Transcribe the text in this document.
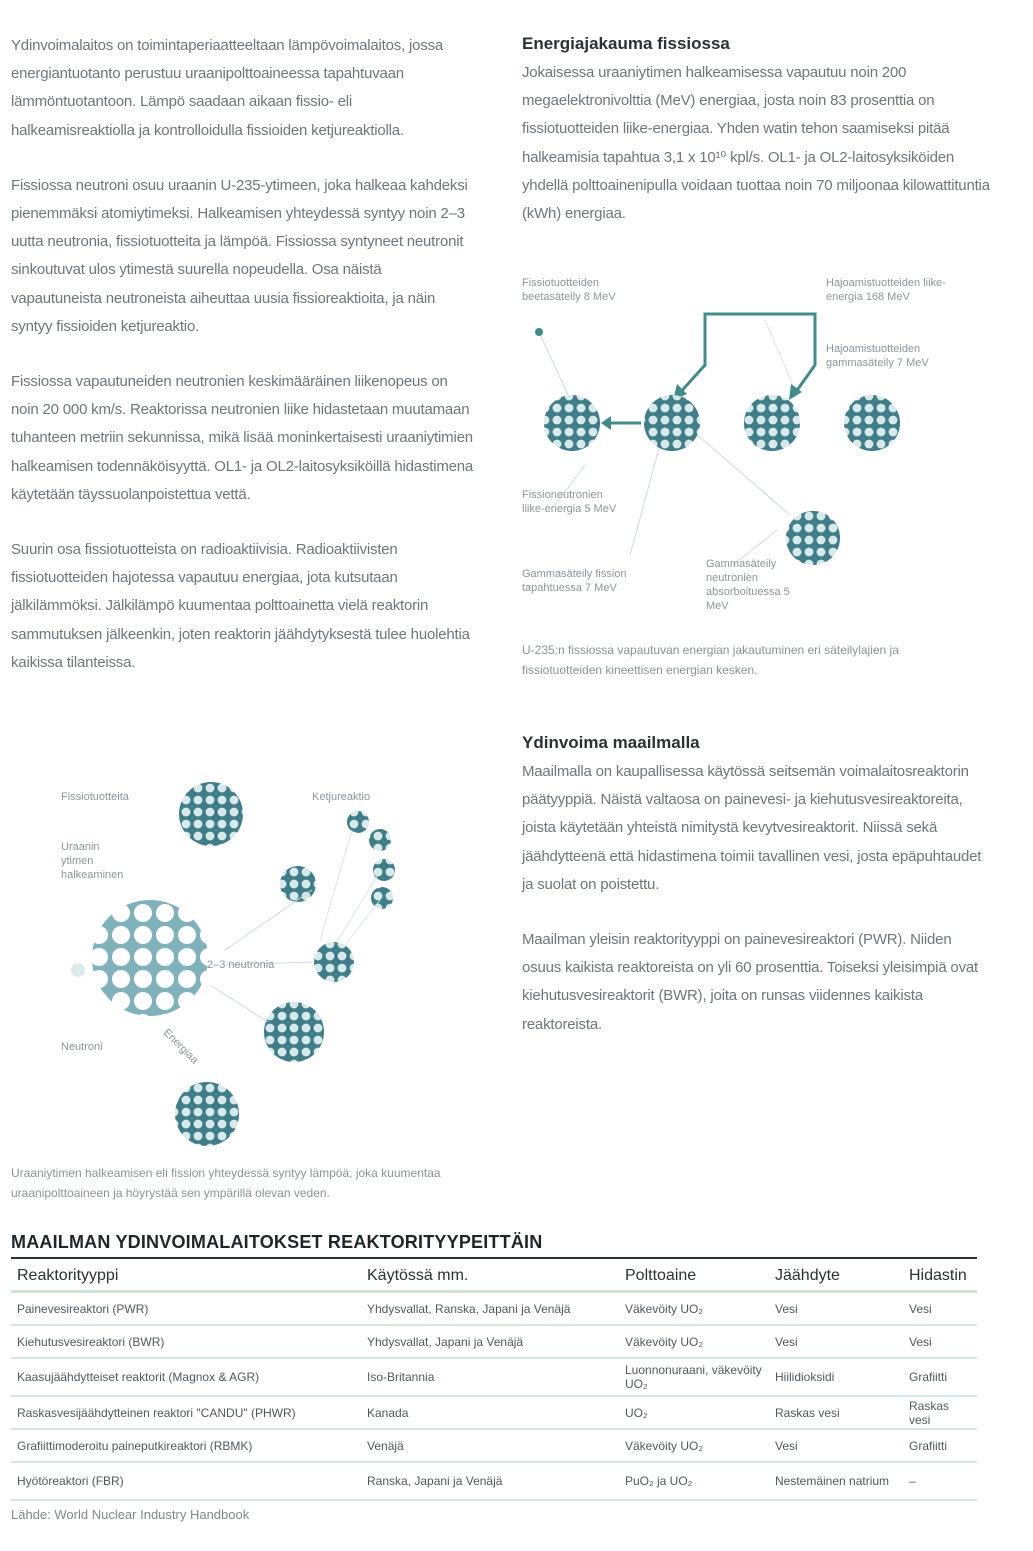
Ydinvoimalaitos on toimintaperiaatteeltaan lämpövoimalaitos, jossa energiantuotanto perustuu uraanipolttoaineessa tapahtuvaan lämmöntuotantoon. Lämpö saadaan aikaan fissio- eli halkeamisreaktiolla ja kontrolloidulla fissioiden ketjureaktiolla.

Fissiossa neutroni osuu uraanin U-235-ytimeen, joka halkeaa kahdeksi pienemmäksi atomiytimeksi. Halkeamisen yhteydessä syntyy noin 2–3 uutta neutronia, fissiotuotteita ja lämpöä. Fissiossa syntyneet neutronit sinkoutuvat ulos ytimestä suurella nopeudella. Osa näistä vapautuneista neutroneista aiheuttaa uusia fissioreaktioita, ja näin syntyy fissioiden ketjureaktio.

Fissiossa vapautuneiden neutronien keskimääräinen liikenopeus on noin 20 000 km/s. Reaktorissa neutronien liike hidastetaan muutamaan tuhanteen metriin sekunnissa, mikä lisää moninkertaisesti uraaniytimien halkeamisen todennäköisyyttä. OL1- ja OL2-laitosyksiköillä hidastimena käytetään täyssuolanpoistettua vettä.

Suurin osa fissiotuotteista on radioaktiivisia. Radioaktiivisten fissiotuotteiden hajotessa vapautuu energiaa, jota kutsutaan jälkilämmöksi. Jälkilämpö kuumentaa polttoainetta vielä reaktorin sammutuksen jälkeenkin, joten reaktorin jäähdytyksestä tulee huolehtia kaikissa tilanteissa.

Fissiotuotteita	Ketjureaktio
Uraanin ytimen halkeaminen
2–3 neutronia
Energiaa
Neutroni
Uraaniytimen halkeamisen eli fission yhteydessä syntyy lämpöä, joka kuumentaa uraanipolttoaineen ja höyrystää sen ympärillä olevan veden.
Energiajakauma fissiossa

Jokaisessa uraaniytimen halkeamisessa vapautuu noin 200 megaelektronivolttia (MeV) energiaa, josta noin 83 prosenttia on fissiotuotteiden liike-energiaa. Yhden watin tehon saamiseksi pitää halkeamisia tapahtua 3,1 x 10¹⁰ kpl/s. OL1- ja OL2-laitosyksiköiden yhdellä polttoainenipulla voidaan tuottaa noin 70 miljoonaa kilowattituntia (kWh) energiaa.

Fissiotuotteiden beetasäteily 8 MeV
Hajoamistuotteiden liike-energia 168 MeV
Hajoamistuotteiden gammasäteily 7 MeV
Fissioneutronien liike-energia 5 MeV
Gammasäteily fission tapahtuessa 7 MeV
Gammasäteily neutronien absorboituessa 5 MeV
U-235:n fissiossa vapautuvan energian jakautuminen eri säteilylajien ja fissiotuotteiden kineettisen energian kesken.
Ydinvoima maailmalla

Maailmalla on kaupallisessa käytössä seitsemän voimalaitosreaktorin päätyyppiä. Näistä valtaosa on painevesi- ja kiehutusvesireaktoreita, joista käytetään yhteistä nimitystä kevytvesireaktorit. Niissä sekä jäähdytteenä että hidastimena toimii tavallinen vesi, josta epäpuhtaudet ja suolat on poistettu.

Maailman yleisin reaktorityyppi on painevesireaktori (PWR). Niiden osuus kaikista reaktoreista on yli 60 prosenttia. Toiseksi yleisimpiä ovat kiehutusvesireaktorit (BWR), joita on runsas viidennes kaikista reaktoreista.

MAAILMAN YDINVOIMALAITOKSET REAKTORITYYPEITTÄIN
Reaktorityyppi	Käytössä mm.	Polttoaine	Jäähdyte	Hidastin
Painevesireaktori (PWR)	Yhdysvallat, Ranska, Japani ja Venäjä	Väkevöity UO₂	Vesi	Vesi
Kiehutusvesireaktori (BWR)	Yhdysvallat, Japani ja Venäjä	Väkevöity UO₂	Vesi	Vesi
Kaasujäähdytteiset reaktorit (Magnox & AGR)	Iso-Britannia	Luonnonuraani, väkevöity UO₂	Hiilidioksidi	Grafiitti
Raskasvesijäähdytteinen reaktori "CANDU" (PHWR)	Kanada	UO₂	Raskas vesi	Raskas vesi
Grafiittimoderoitu paineputkireaktori (RBMK)	Venäjä	Väkevöity UO₂	Vesi	Grafiitti
Hyötöreaktori (FBR)	Ranska, Japani ja Venäjä	PuO₂ ja UO₂	Nestemäinen natrium	–
Lähde: World Nuclear Industry Handbook
